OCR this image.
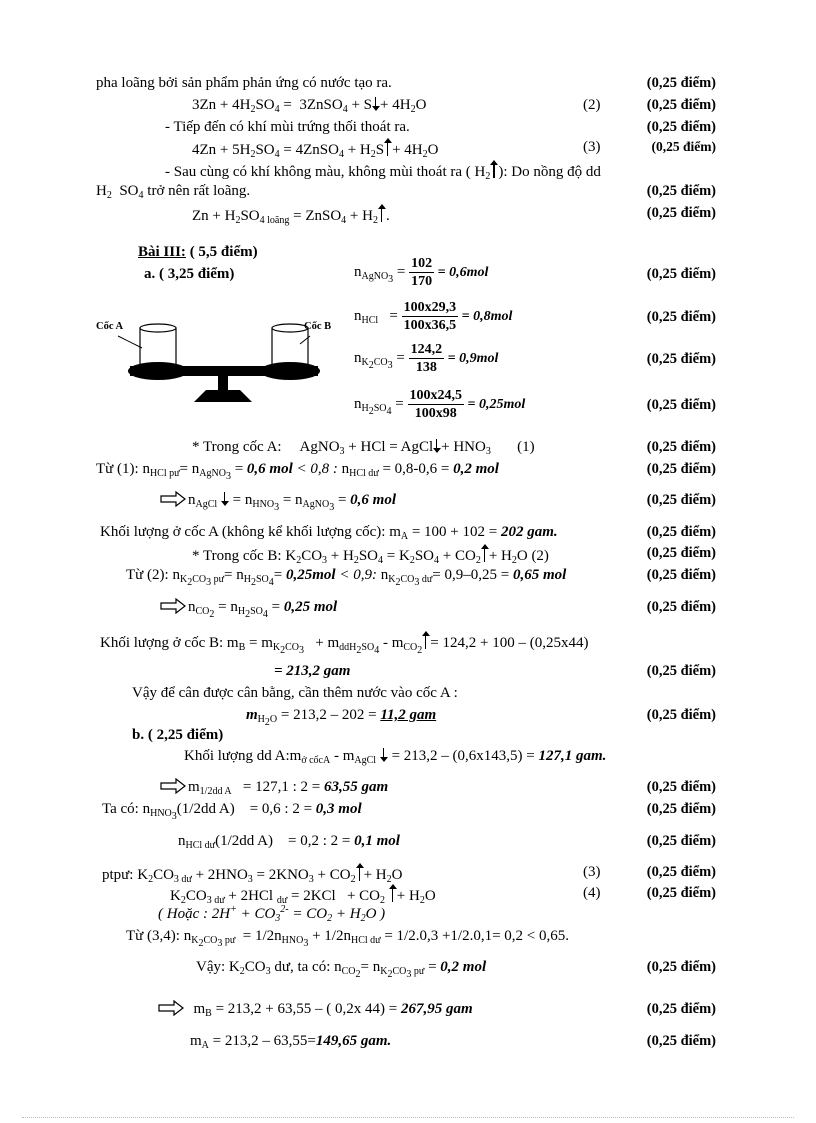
pha loãng bởi sản phẩm phản ứng có nước tạo ra.	(0,25 điểm)
$3Zn + 4H_2SO_4$ =  3ZnSO$_4$ + $S + 4H_2O$	(2)	(0,25 điểm)
- Tiếp đến có khí mùi trứng thối thoát ra.	(0,25 điểm)
$4Zn + 5H_2SO_4$ = 4ZnSO$_4$ + $H_2S + 4H_2O$	(3)	(0,25 điểm)
- Sau cùng có khí không màu, không mùi thoát ra ( $H_2$ ): Do nồng độ dd
$H_2$  $SO_4$ trở nên rất loãng.	(0,25 điểm)
$Zn + H_2SO_{4 loãng}$ = ZnSO$_4$ + $H_2$ .	(0,25 điểm)
Bài III: ( 5,5 điểm)
a. ( 3,25 điểm)
Cốc A	Cốc B
$n_{AgNO_3} = \frac{102}{170} = 0,6mol$	(0,25 điểm)
$n_{HCl} = \frac{100x29,3}{100x36,5} = 0,8mol$	(0,25 điểm)
$n_{K_2CO_3} = \frac{124,2}{138} = 0,9mol$	(0,25 điểm)
$n_{H_2SO_4} = \frac{100x24,5}{100x98} = 0,25mol$	(0,25 điểm)
* Trong cốc A:     AgNO$_3$ + HCl = AgCl + $HNO_3$       (1)	(0,25 điểm)
Từ (1): $n_{HCl pư}= n_{AgNO_3} = 0,6$ mol < 0,8 : $n_{HCl dư} = 0,8-0,6 = 0,2$ mol	(0,25 điểm)
$n_{AgCl} = n_{HNO_3} = n_{AgNO_3} = 0,6$ mol	(0,25 điểm)
Khối lượng ở cốc A (không kể khối lượng cốc): $m_A = 100 + 102 = 202$ gam.	(0,25 điểm)
* Trong cốc B: $K_2CO_3 + H_2SO_4 = K_2SO_4 + CO_2 + H_2O$ (2)	(0,25 điểm)
Từ (2): $n_{K_2CO_3 pư}= n_{H_2SO_4}= 0,25mol < 0,9$: $n_{K_2CO_3 dư}= 0,9-0,25 = 0,65$ mol	(0,25 điểm)
$n_{CO_2} = n_{H_2SO_4} = 0,25$ mol	(0,25 điểm)
Khối lượng ở cốc B: $m_B = m_{K_2CO_3} + m_{ddH_2SO_4} - m_{CO_2} = 124,2 + 100 - (0,25x44)$
= 213,2 gam	(0,25 điểm)
Vậy để cân được cân bằng, cần thêm nước vào cốc A :
$m_{H_2O} = 213,2 - 202 = 11,2$ gam	(0,25 điểm)
b. ( 2,25 điểm)
Khối lượng dd $A:m_{ở cốcA} - m_{AgCl} = 213,2 - (0,6x143,5) = 127,1$ gam.
$m_{1/2dd A} = 127,1$ : 2 = 63,55 gam	(0,25 điểm)
Ta có: $n_{HNO_3}(1/2dd$ A)    = 0,6 : 2 = 0,3 mol	(0,25 điểm)
$n_{HCl dư}(1/2dd$ A)    = 0,2 : 2 = 0,1 mol	(0,25 điểm)
ptpư: $K_2CO_{3 dư} + 2HNO_3 = 2KNO_3 + CO_2 + H_2O$	(3)	(0,25 điểm)
$K_2CO_{3 dư} + 2HCl$ $_{dư} = 2KCl + CO_2 + H_2O$	(4)	(0,25 điểm)
( Hoặc : $2H^+ + CO_3^{2-} = CO_2 + H_2O$ )
Từ (3,4): $n_{K_2CO_3 pư} = 1/2n_{HNO_3} + 1/2n_{HCl dư} = 1/2.0,3 +1/2.0,1= 0,2 < 0,65$.
Vậy: $K_2CO_3$ dư, ta có: $n_{CO_2}= n_{K_2CO_3 pư} = 0,2$ mol	(0,25 điểm)
$m_B = 213,2 + 63,55$ – ( 0,2x 44) = 267,95 gam	(0,25 điểm)
$m_A = 213,2 - 63,55=149,65$ gam.	(0,25 điểm)
